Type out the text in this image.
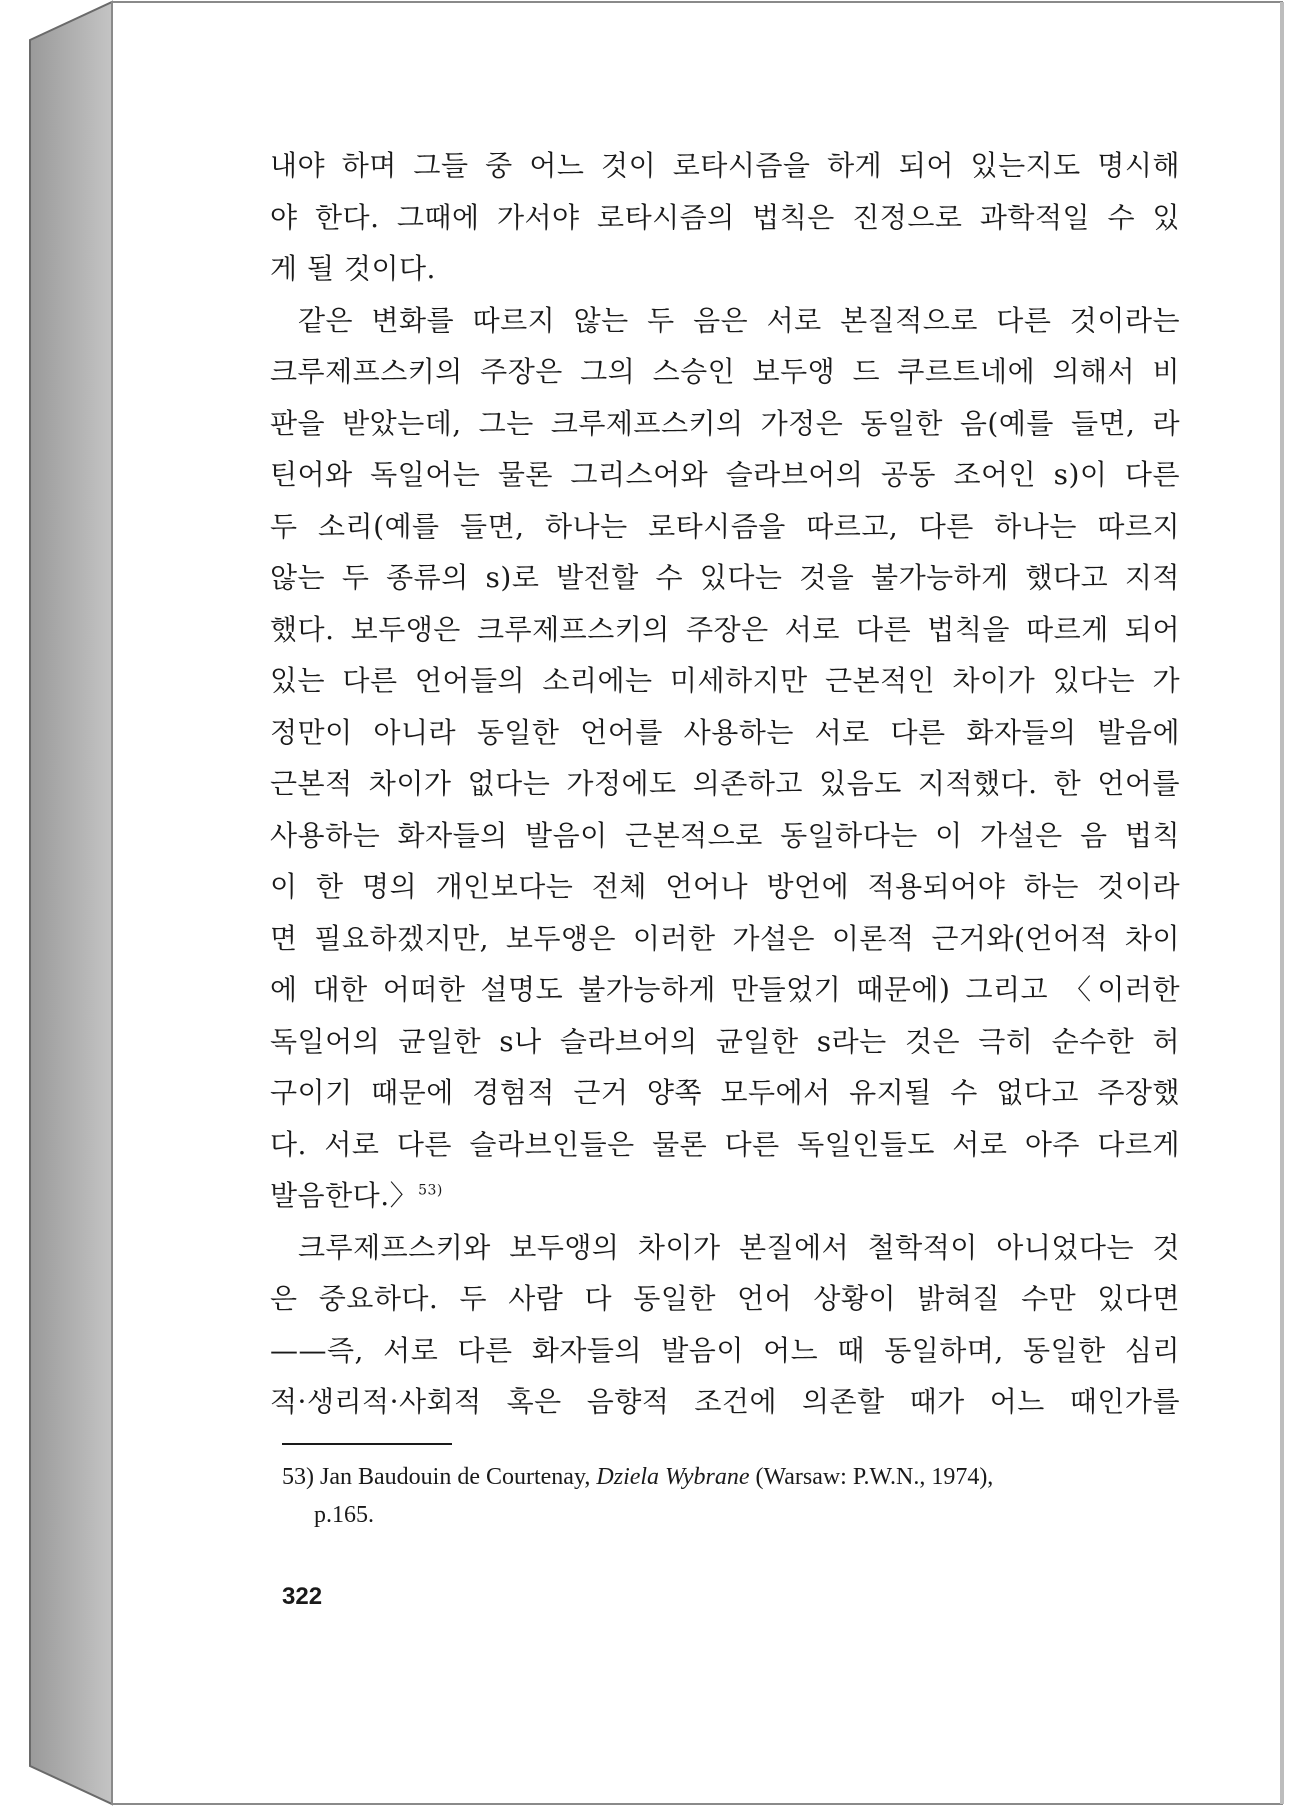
내야 하며 그들 중 어느 것이 로타시즘을 하게 되어 있는지도 명시해
야 한다. 그때에 가서야 로타시즘의 법칙은 진정으로 과학적일 수 있
게 될 것이다.
같은 변화를 따르지 않는 두 음은 서로 본질적으로 다른 것이라는
크루제프스키의 주장은 그의 스승인 보두앵 드 쿠르트네에 의해서 비
판을 받았는데, 그는 크루제프스키의 가정은 동일한 음(예를 들면, 라
틴어와 독일어는 물론 그리스어와 슬라브어의 공동 조어인 s)이 다른
두 소리(예를 들면, 하나는 로타시즘을 따르고, 다른 하나는 따르지
않는 두 종류의 s)로 발전할 수 있다는 것을 불가능하게 했다고 지적
했다. 보두앵은 크루제프스키의 주장은 서로 다른 법칙을 따르게 되어
있는 다른 언어들의 소리에는 미세하지만 근본적인 차이가 있다는 가
정만이 아니라 동일한 언어를 사용하는 서로 다른 화자들의 발음에
근본적 차이가 없다는 가정에도 의존하고 있음도 지적했다. 한 언어를
사용하는 화자들의 발음이 근본적으로 동일하다는 이 가설은 음 법칙
이 한 명의 개인보다는 전체 언어나 방언에 적용되어야 하는 것이라
면 필요하겠지만, 보두앵은 이러한 가설은 이론적 근거와(언어적 차이
에 대한 어떠한 설명도 불가능하게 만들었기 때문에) 그리고 〈이러한
독일어의 균일한 s나 슬라브어의 균일한 s라는 것은 극히 순수한 허
구이기 때문에 경험적 근거 양쪽 모두에서 유지될 수 없다고 주장했
다. 서로 다른 슬라브인들은 물론 다른 독일인들도 서로 아주 다르게
발음한다.〉$^{53)}$
크루제프스키와 보두앵의 차이가 본질에서 철학적이 아니었다는 것
은 중요하다. 두 사람 다 동일한 언어 상황이 밝혀질 수만 있다면
——즉, 서로 다른 화자들의 발음이 어느 때 동일하며, 동일한 심리
적·생리적·사회적 혹은 음향적 조건에 의존할 때가 어느 때인가를
53) Jan Baudouin de Courtenay, Dziela Wybrane (Warsaw: P.W.N., 1974),
p.165.
322
